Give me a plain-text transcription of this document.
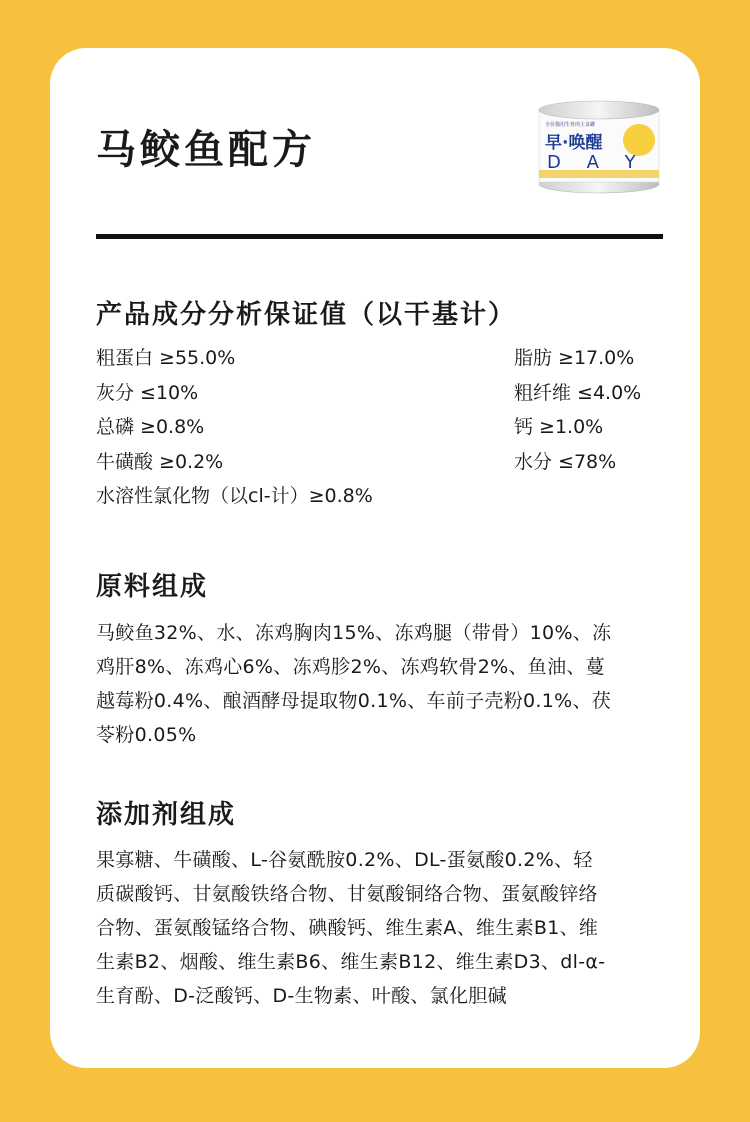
马鲛鱼配方
全价猫用生骨肉主食罐
早·唤醒
D A Y
产品成分分析保证值（以干基计）
粗蛋白 ≥55.0%
灰分 ≤10%
总磷 ≥0.8%
牛磺酸 ≥0.2%
水溶性氯化物（以cl-计）≥0.8%
脂肪 ≥17.0%
粗纤维 ≤4.0%
钙 ≥1.0%
水分 ≤78%
原料组成
马鲛鱼32%、水、冻鸡胸肉15%、冻鸡腿（带骨）10%、冻
鸡肝8%、冻鸡心6%、冻鸡胗2%、冻鸡软骨2%、鱼油、蔓
越莓粉0.4%、酿酒酵母提取物0.1%、车前子壳粉0.1%、茯
苓粉0.05%
添加剂组成
果寡糖、牛磺酸、L-谷氨酰胺0.2%、DL-蛋氨酸0.2%、轻
质碳酸钙、甘氨酸铁络合物、甘氨酸铜络合物、蛋氨酸锌络
合物、蛋氨酸锰络合物、碘酸钙、维生素A、维生素B1、维
生素B2、烟酸、维生素B6、维生素B12、维生素D3、dl-α-
生育酚、D-泛酸钙、D-生物素、叶酸、氯化胆碱
